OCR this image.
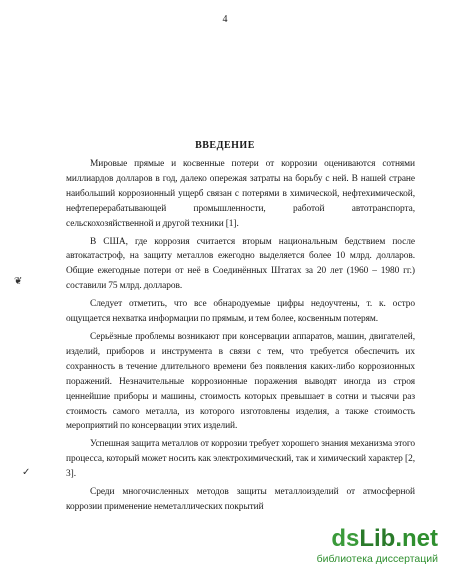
4
ВВЕДЕНИЕ

Мировые прямые и косвенные потери от коррозии оцениваются сотнями миллиардов долларов в год, далеко опережая затраты на борьбу с ней. В нашей стране наибольший коррозионный ущерб связан с потерями в химической, нефтехимической, нефтеперерабатывающей промышленности, работой автотранспорта, сельскохозяйственной и другой техники [1].

В США, где коррозия считается вторым национальным бедствием после автокатастроф, на защиту металлов ежегодно выделяется более 10 млрд. долларов. Общие ежегодные потери от неё в Соединённых Штатах за 20 лет (1960 – 1980 гг.) составили 75 млрд. долларов.

Следует отметить, что все обнародуемые цифры недоучтены, т. к. остро ощущается нехватка информации по прямым, и тем более, косвенным потерям.

Серьёзные проблемы возникают при консервации аппаратов, машин, двигателей, изделий, приборов и инструмента в связи с тем, что требуется обеспечить их сохранность в течение длительного времени без появления каких-либо коррозионных поражений. Незначительные коррозионные поражения выводят иногда из строя ценнейшие приборы и машины, стоимость которых превышает в сотни и тысячи раз стоимость самого металла, из которого изготовлены изделия, а также стоимость мероприятий по консервации этих изделий.

Успешная защита металлов от коррозии требует хорошего знания механизма этого процесса, который может носить как электрохимический, так и химический характер [2, 3].

Среди многочисленных методов защиты металлоизделий от атмосферной коррозии применение неметаллических покрытий

❦
✓
ds Lib .net
библиотека диссертаций
